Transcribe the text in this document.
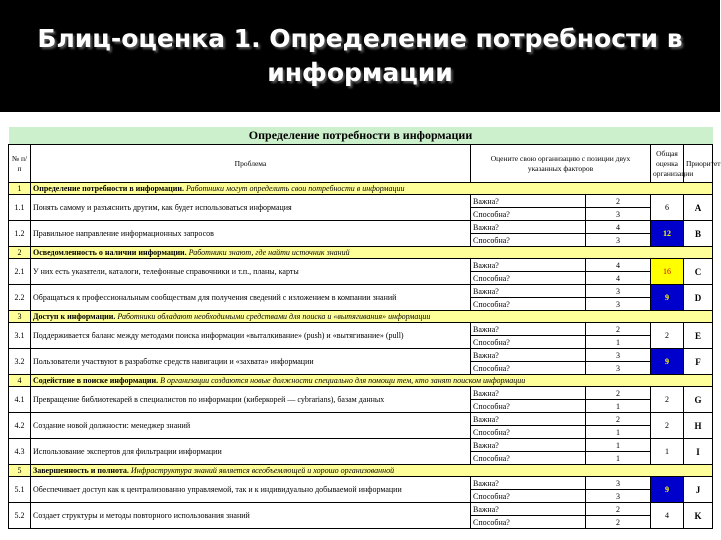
Блиц-оценка 1. Определение потребности в информации
Определение потребности в информации					
№ п/п	Проблема	Оцените свою организацию с позиции двух указанных факторов		Общая оценка организации	Приоритет
1	Определение потребности в информации. Работники могут определить свои потребности в информации				
1.1	Понять самому и разъяснить другим, как будет использоваться информация	Важна?	2	6	A
		Способна?	3		
1.2	Правильное направление информационных запросов	Важна?	4	12	B
		Способна?	3		
2	Осведомленность о наличии информации. Работники знают, где найти источник знаний				
2.1	У них есть указатели, каталоги, телефонные справочники и т.п., планы, карты	Важна?	4	16	C
		Способна?	4		
2.2	Обращаться к профессиональным сообществам для получения сведений с изложением в компании знаний	Важна?	3	9	D
		Способна?	3		
3	Доступ к информации. Работники обладают необходимыми средствами для поиска и «вытягивания» информации				
3.1	Поддерживается баланс между методами поиска информации «выталкивание» (push) и «вытягивание» (pull)	Важна?	2	2	E
		Способна?	1		
3.2	Пользователи участвуют в разработке средств навигации и «захвата» информации	Важна?	3	9	F
		Способна?	3		
4	Содействие в поиске информации. В организации создаются новые должности специально для помощи тем, кто занят поиском информации				
4.1	Превращение библиотекарей в специалистов по информации (киберкорей — cybrarians), базам данных	Важна?	2	2	G
		Способна?	1		
4.2	Создание новой должности: менеджер знаний	Важна?	2	2	H
		Способна?	1		
4.3	Использование экспертов для фильтрации информации	Важна?	1	1	I
		Способна?	1		
5	Завершенность и полнота. Инфраструктура знаний является всеобъемлющей и хорошо организованной				
5.1	Обеспечивает доступ как к централизованно управляемой, так и к индивидуально добываемой информации	Важна?	3	9	J
		Способна?	3		
5.2	Создает структуры и методы повторного использования знаний	Важна?	2	4	K
		Способна?	2		
